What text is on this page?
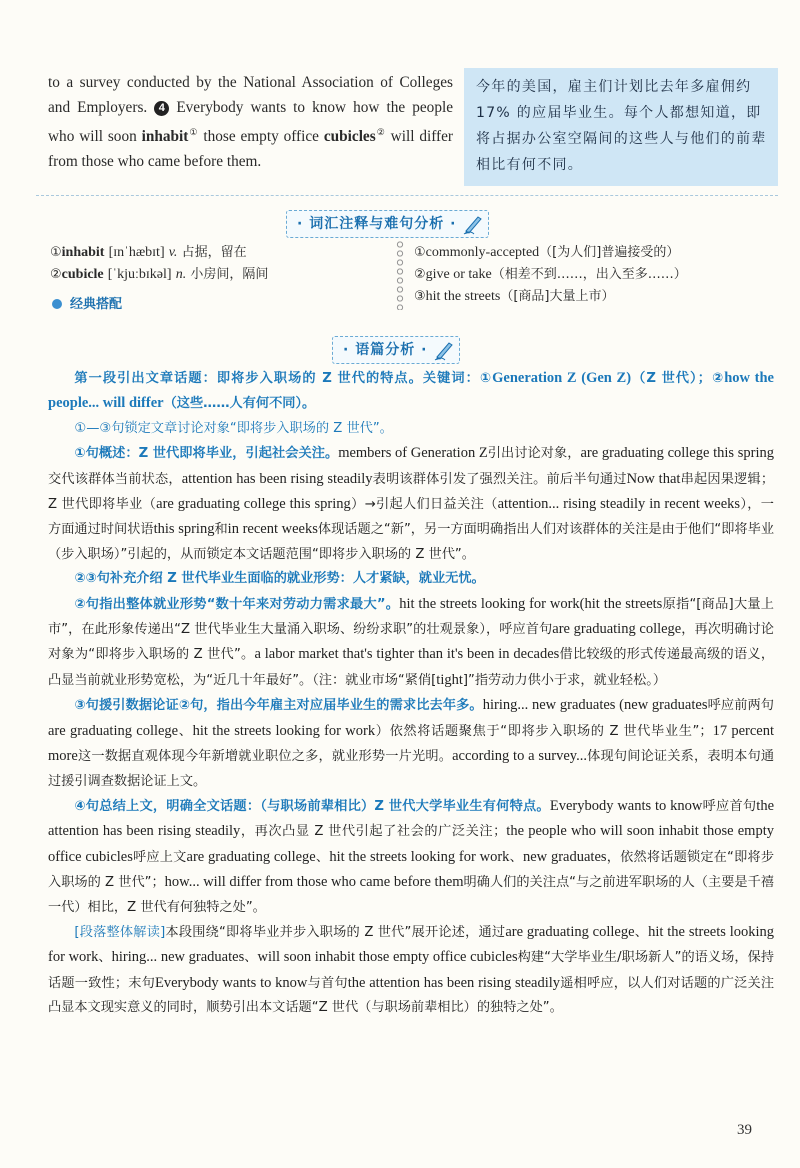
to a survey conducted by the National Association of Colleges and Employers. 4 Everybody wants to know how the people who will soon inhabit① those empty office cubicles② will differ from those who came before them.
今年的美国，雇主们计划比去年多雇佣约 17% 的应届毕业生。每个人都想知道，即将占据办公室空隔间的这些人与他们的前辈相比有何不同。
· 词汇注释与难句分析 ·
①inhabit [ɪnˈhæbɪt] v. 占据，留在
②cubicle [ˈkjuːbɪkəl] n. 小房间，隔间
经典搭配
①commonly-accepted（[为人们]普遍接受的）
②give or take（相差不到……，出入至多……）
③hit the streets（[商品]大量上市）
· 语篇分析 ·

第一段引出文章话题：即将步入职场的 Z 世代的特点。关键词：①Generation Z (Gen Z)（Z 世代）；②how the people... will differ（这些……人有何不同）。

①—③句锁定文章讨论对象“即将步入职场的 Z 世代”。

①句概述：Z 世代即将毕业，引起社会关注。members of Generation Z引出讨论对象，are graduating college this spring交代该群体当前状态，attention has been rising steadily表明该群体引发了强烈关注。前后半句通过Now that串起因果逻辑；Z 世代即将毕业（are graduating college this spring）→引起人们日益关注（attention... rising steadily in recent weeks），一方面通过时间状语this spring和in recent weeks体现话题之“新”，另一方面明确指出人们对该群体的关注是由于他们“即将毕业（步入职场）”引起的，从而锁定本文话题范围“即将步入职场的 Z 世代”。

②③句补充介绍 Z 世代毕业生面临的就业形势：人才紧缺，就业无忧。

②句指出整体就业形势“数十年来对劳动力需求最大”。hit the streets looking for work(hit the streets原指“[商品]大量上市”，在此形象传递出“Z 世代毕业生大量涌入职场、纷纷求职”的壮观景象），呼应首句are graduating college，再次明确讨论对象为“即将步入职场的 Z 世代”。a labor market that's tighter than it's been in decades借比较级的形式传递最高级的语义，凸显当前就业形势宽松，为“近几十年最好”。（注：就业市场“紧俏[tight]”指劳动力供小于求，就业轻松。）

③句援引数据论证②句，指出今年雇主对应届毕业生的需求比去年多。hiring... new graduates (new graduates呼应前两句are graduating college、hit the streets looking for work）依然将话题聚焦于“即将步入职场的 Z 世代毕业生”；17 percent more这一数据直观体现今年新增就业职位之多，就业形势一片光明。according to a survey...体现句间论证关系，表明本句通过援引调查数据论证上文。

④句总结上文，明确全文话题：（与职场前辈相比）Z 世代大学毕业生有何特点。Everybody wants to know呼应首句the attention has been rising steadily，再次凸显 Z 世代引起了社会的广泛关注；the people who will soon inhabit those empty office cubicles呼应上文are graduating college、hit the streets looking for work、new graduates，依然将话题锁定在“即将步入职场的 Z 世代”；how... will differ from those who came before them明确人们的关注点“与之前进军职场的人（主要是千禧一代）相比，Z 世代有何独特之处”。

[段落整体解读]本段围绕“即将毕业并步入职场的 Z 世代”展开论述，通过are graduating college、hit the streets looking for work、hiring... new graduates、will soon inhabit those empty office cubicles构建“大学毕业生/职场新人”的语义场，保持话题一致性；末句Everybody wants to know与首句the attention has been rising steadily遥相呼应，以人们对话题的广泛关注凸显本文现实意义的同时，顺势引出本文话题“Z 世代（与职场前辈相比）的独特之处”。

39
